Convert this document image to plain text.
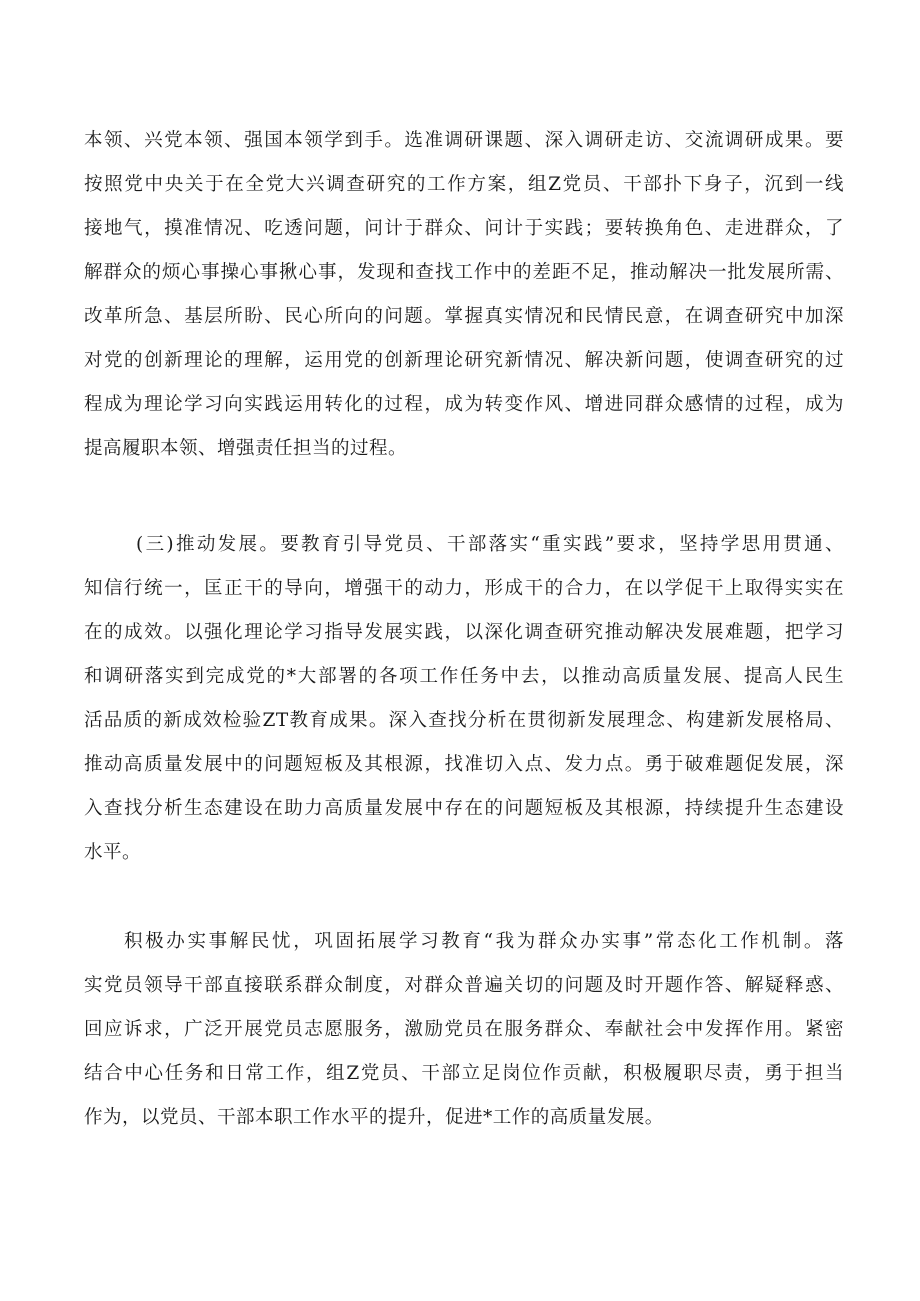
本领、兴党本领、强国本领学到手。选准调研课题、深入调研走访、交流调研成果。要
按照党中央关于在全党大兴调查研究的工作方案，组Z党员、干部扑下身子，沉到一线
接地气，摸准情况、吃透问题，问计于群众、问计于实践；要转换角色、走进群众，了
解群众的烦心事操心事揪心事，发现和查找工作中的差距不足，推动解决一批发展所需、
改革所急、基层所盼、民心所向的问题。掌握真实情况和民情民意，在调查研究中加深
对党的创新理论的理解，运用党的创新理论研究新情况、解决新问题，使调查研究的过
程成为理论学习向实践运用转化的过程，成为转变作风、增进同群众感情的过程，成为
提高履职本领、增强责任担当的过程。
(三)推动发展。要教育引导党员、干部落实“重实践”要求，坚持学思用贯通、
知信行统一，匡正干的导向，增强干的动力，形成干的合力，在以学促干上取得实实在
在的成效。以强化理论学习指导发展实践，以深化调查研究推动解决发展难题，把学习
和调研落实到完成党的*大部署的各项工作任务中去，以推动高质量发展、提高人民生
活品质的新成效检验ZT教育成果。深入查找分析在贯彻新发展理念、构建新发展格局、
推动高质量发展中的问题短板及其根源，找准切入点、发力点。勇于破难题促发展，深
入查找分析生态建设在助力高质量发展中存在的问题短板及其根源，持续提升生态建设
水平。
积极办实事解民忧，巩固拓展学习教育“我为群众办实事”常态化工作机制。落
实党员领导干部直接联系群众制度，对群众普遍关切的问题及时开题作答、解疑释惑、
回应诉求，广泛开展党员志愿服务，激励党员在服务群众、奉献社会中发挥作用。紧密
结合中心任务和日常工作，组Z党员、干部立足岗位作贡献，积极履职尽责，勇于担当
作为，以党员、干部本职工作水平的提升，促进*工作的高质量发展。
